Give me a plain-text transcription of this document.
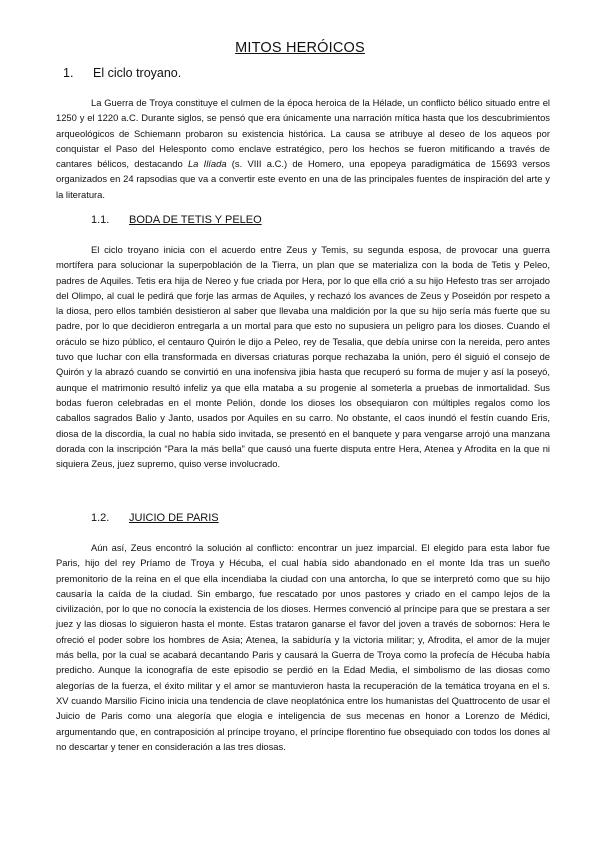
MITOS HERÓICOS
1. El ciclo troyano.

La Guerra de Troya constituye el culmen de la época heroica de la Hélade, un conflicto bélico situado entre el 1250 y el 1220 a.C. Durante siglos, se pensó que era únicamente una narración mítica hasta que los descubrimientos arqueológicos de Schiemann probaron su existencia histórica. La causa se atribuye al deseo de los aqueos por conquistar el Paso del Helesponto como enclave estratégico, pero los hechos se fueron mitificando a través de cantares bélicos, destacando La Ilíada (s. VIII a.C.) de Homero, una epopeya paradigmática de 15693 versos organizados en 24 rapsodias que va a convertir este evento en una de las principales fuentes de inspiración del arte y la literatura.

1.1. BODA DE TETIS Y PELEO

El ciclo troyano inicia con el acuerdo entre Zeus y Temis, su segunda esposa, de provocar una guerra mortífera para solucionar la superpoblación de la Tierra, un plan que se materializa con la boda de Tetis y Peleo, padres de Aquiles. Tetis era hija de Nereo y fue criada por Hera, por lo que ella crió a su hijo Hefesto tras ser arrojado del Olimpo, al cual le pedirá que forje las armas de Aquiles, y rechazó los avances de Zeus y Poseidón por respeto a la diosa, pero ellos también desistieron al saber que llevaba una maldición por la que su hijo sería más fuerte que su padre, por lo que decidieron entregarla a un mortal para que esto no supusiera un peligro para los dioses. Cuando el oráculo se hizo público, el centauro Quirón le dijo a Peleo, rey de Tesalia, que debía unirse con la nereida, pero antes tuvo que luchar con ella transformada en diversas criaturas porque rechazaba la unión, pero él siguió el consejo de Quirón y la abrazó cuando se convirtió en una inofensiva jibia hasta que recuperó su forma de mujer y así la poseyó, aunque el matrimonio resultó infeliz ya que ella mataba a su progenie al someterla a pruebas de inmortalidad. Sus bodas fueron celebradas en el monte Pelión, donde los dioses los obsequiaron con múltiples regalos como los caballos sagrados Balio y Janto, usados por Aquiles en su carro. No obstante, el caos inundó el festín cuando Eris, diosa de la discordia, la cual no había sido invitada, se presentó en el banquete y para vengarse arrojó una manzana dorada con la inscripción “Para la más bella” que causó una fuerte disputa entre Hera, Atenea y Afrodita en la que ni siquiera Zeus, juez supremo, quiso verse involucrado.

1.2. JUICIO DE PARIS

Aún así, Zeus encontró la solución al conflicto: encontrar un juez imparcial. El elegido para esta labor fue Paris, hijo del rey Príamo de Troya y Hécuba, el cual había sido abandonado en el monte Ida tras un sueño premonitorio de la reina en el que ella incendiaba la ciudad con una antorcha, lo que se interpretó como que su hijo causaría la caída de la ciudad. Sin embargo, fue rescatado por unos pastores y criado en el campo lejos de la civilización, por lo que no conocía la existencia de los dioses. Hermes convenció al príncipe para que se prestara a ser juez y las diosas lo siguieron hasta el monte. Estas trataron ganarse el favor del joven a través de sobornos: Hera le ofreció el poder sobre los hombres de Asia; Atenea, la sabiduría y la victoria militar; y, Afrodita, el amor de la mujer más bella, por la cual se acabará decantando Paris y causará la Guerra de Troya como la profecía de Hécuba había predicho. Aunque la iconografía de este episodio se perdió en la Edad Media, el simbolismo de las diosas como alegorías de la fuerza, el éxito militar y el amor se mantuvieron hasta la recuperación de la temática troyana en el s. XV cuando Marsilio Ficino inicia una tendencia de clave neoplatónica entre los humanistas del Quattrocento de usar el Juicio de Paris como una alegoría que elogia e inteligencia de sus mecenas en honor a Lorenzo de Médici, argumentando que, en contraposición al príncipe troyano, el príncipe florentino fue obsequiado con todos los dones al no descartar y tener en consideración a las tres diosas.
